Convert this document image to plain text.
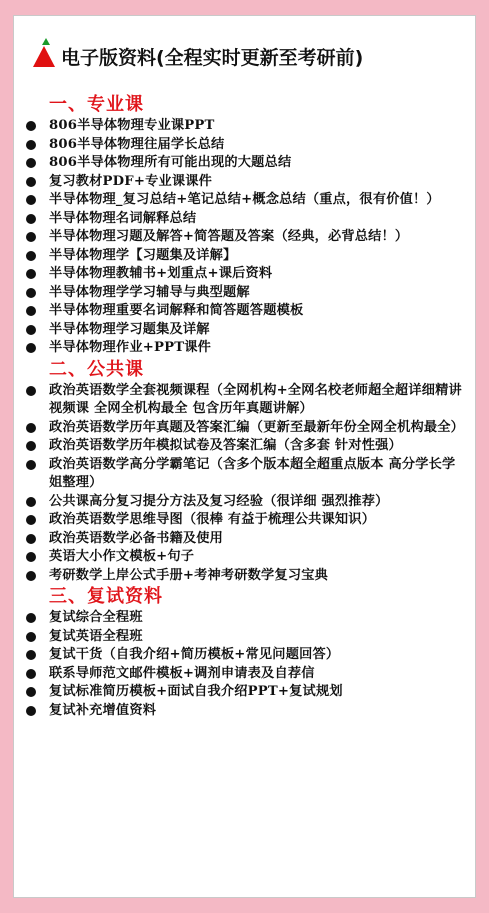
电子版资料(全程实时更新至考研前)
一、专业课
806半导体物理专业课PPT
806半导体物理往届学长总结
806半导体物理所有可能出现的大题总结
复习教材PDF+专业课课件
半导体物理_复习总结+笔记总结+概念总结（重点，很有价值！）
半导体物理名词解释总结
半导体物理习题及解答+简答题及答案（经典，必背总结！）
半导体物理学【习题集及详解】
半导体物理教辅书+划重点+课后资料
半导体物理学学习辅导与典型题解
半导体物理重要名词解释和简答题答题模板
半导体物理学习题集及详解
半导体物理作业+PPT课件
二、公共课
政治英语数学全套视频课程（全网机构+全网名校老师超全超详细精讲视频课 全网全机构最全 包含历年真题讲解）
政治英语数学历年真题及答案汇编（更新至最新年份全网全机构最全）
政治英语数学历年模拟试卷及答案汇编（含多套 针对性强）
政治英语数学高分学霸笔记（含多个版本超全超重点版本 高分学长学姐整理）
公共课高分复习提分方法及复习经验（很详细 强烈推荐）
政治英语数学思维导图（很棒 有益于梳理公共课知识）
政治英语数学必备书籍及使用
英语大小作文模板+句子
考研数学上岸公式手册+考神考研数学复习宝典
三、复试资料
复试综合全程班
复试英语全程班
复试干货（自我介绍+简历模板+常见问题回答）
联系导师范文邮件模板+调剂申请表及自荐信
复试标准简历模板+面试自我介绍PPT+复试规划
复试补充增值资料
